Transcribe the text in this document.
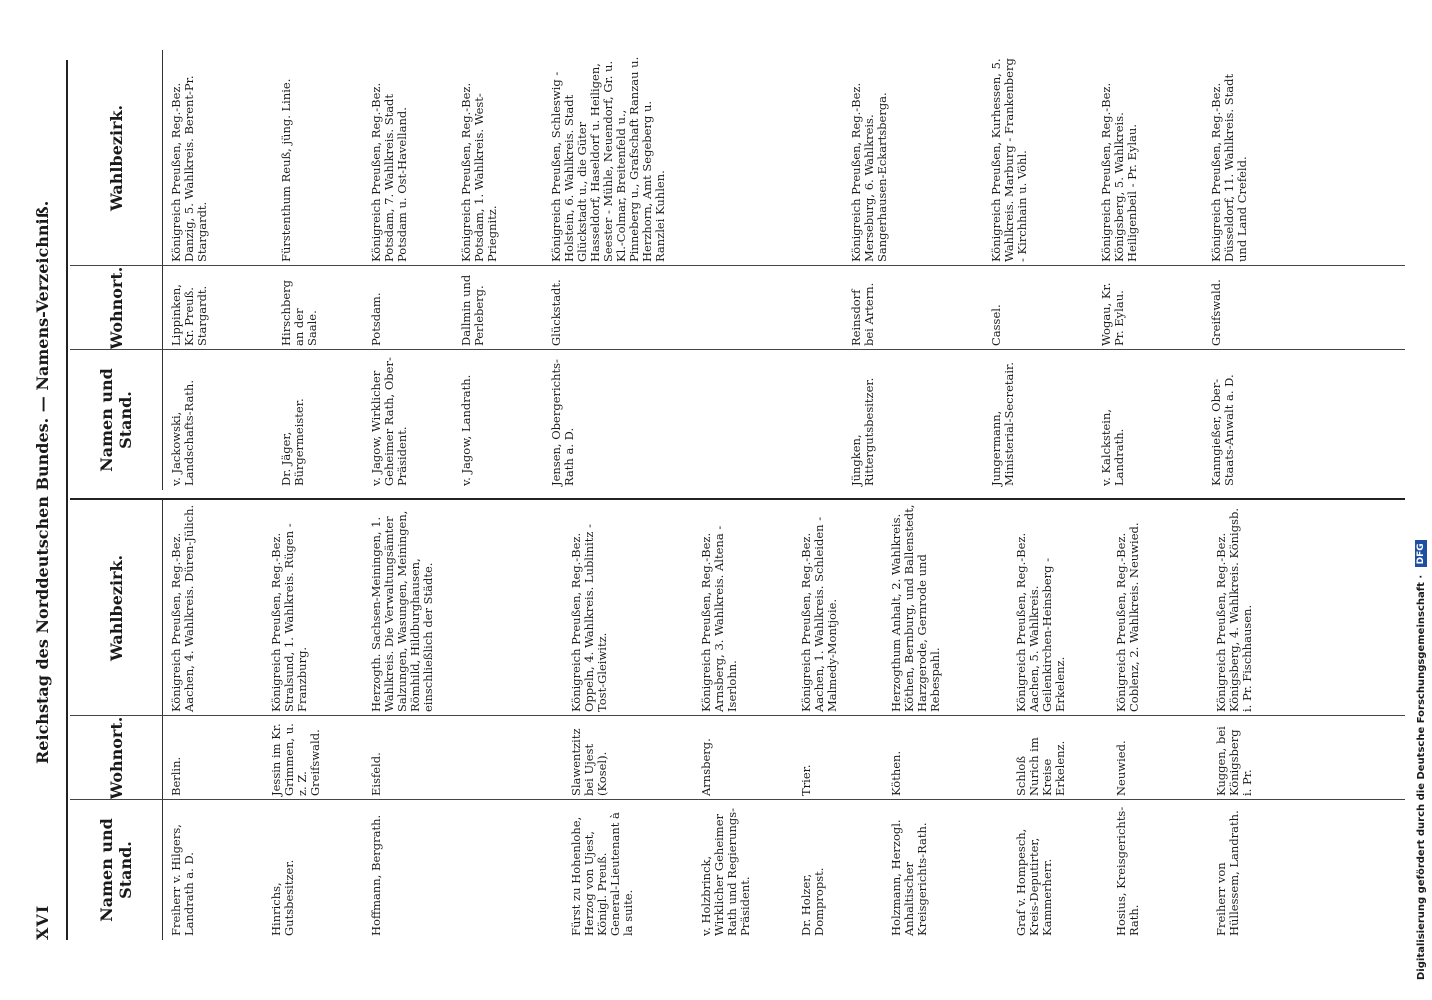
XVI
Reichstag des Norddeutschen Bundes. — Namens-Verzeichniß.
Namen und Stand.
Wohnort.
Wahlbezirk.
Freiherr v. Hilgers, Landrath a. D.
Berlin.
Königreich Preußen, Reg.-Bez. Aachen, 4. Wahlkreis. Düren-Jülich.
Hinrichs, Gutsbesitzer.
Jessin im Kr. Grimmen, u. z. Z. Greifswald.
Königreich Preußen, Reg.-Bez. Stralsund, 1. Wahlkreis. Rügen - Franzburg.
Hoffmann, Bergrath.
Eisfeld.
Herzogth. Sachsen-Meiningen, 1. Wahlkreis. Die Verwaltungsämter Salzungen, Wasungen, Meiningen, Römhild, Hildburghausen, einschließlich der Städte.
Fürst zu Hohenlohe, Herzog von Ujest, Königl. Preuß. General-Lieutenant à la suite.
Slawentzitz bei Ujest (Kosel).
Königreich Preußen, Reg.-Bez. Oppeln, 4. Wahlkreis. Lublinitz - Tost-Gleiwitz.
v. Holzbrinck, Wirklicher Geheimer Rath und Regierungs-Präsident.
Arnsberg.
Königreich Preußen, Reg.-Bez. Arnsberg, 3. Wahlkreis. Altena - Iserlohn.
Dr. Holzer, Dompropst.
Trier.
Königreich Preußen, Reg.-Bez. Aachen, 1. Wahlkreis. Schleiden - Malmedy-Montjoie.
Holzmann, Herzogl. Anhaltischer Kreisgerichts-Rath.
Köthen.
Herzogthum Anhalt, 2. Wahlkreis. Köthen, Bernburg, und Ballenstedt, Harzgerode, Gernrode und Rebespahl.
Graf v. Hompesch, Kreis-Deputirter, Kammerherr.
Schloß Nurich im Kreise Erkelenz.
Königreich Preußen, Reg.-Bez. Aachen, 5. Wahlkreis. Geilenkirchen-Heinsberg - Erkelenz.
Hosius, Kreisgerichts-Rath.
Neuwied.
Königreich Preußen, Reg.-Bez. Coblenz, 2. Wahlkreis. Neuwied.
Freiherr von Hüllessem, Landrath.
Kuggen, bei Königsberg i. Pr.
Königreich Preußen, Reg.-Bez. Königsberg, 4. Wahlkreis. Königsb. i. Pr. Fischhausen.
Namen und Stand.
Wohnort.
Wahlbezirk.
v. Jackowski, Landschafts-Rath.
Lippinken, Kr. Preuß. Stargardt.
Königreich Preußen, Reg.-Bez. Danzig, 5. Wahlkreis. Berent-Pr. Stargardt.
Dr. Jäger, Bürgermeister.
Hirschberg an der Saale.
Fürstenthum Reuß, jüng. Linie.
v. Jagow, Wirklicher Geheimer Rath, Ober-Präsident.
Potsdam.
Königreich Preußen, Reg.-Bez. Potsdam, 7. Wahlkreis. Stadt Potsdam u. Ost-Havelland.
v. Jagow, Landrath.
Dallmin und Perleberg.
Königreich Preußen, Reg.-Bez. Potsdam, 1. Wahlkreis. West-Priegnitz.
Jensen, Obergerichts-Rath a. D.
Glückstadt.
Königreich Preußen, Schleswig - Holstein, 6. Wahlkreis. Stadt Glückstadt u., die Güter Hasseldorf, Haseldorf u. Heiligen, Seester - Mühle, Neuendorf, Gr. u. Kl.-Colmar, Breitenfeld u., Pinneberg u., Grafschaft Ranzau u. Herzhorn, Amt Segeberg u. Ranzlei Kuhlen.
Jüngken, Rittergutsbesitzer.
Reinsdorf bei Artern.
Königreich Preußen, Reg.-Bez. Merseburg, 6. Wahlkreis. Sangerhausen-Eckartsberga.
Jungermann, Ministerial-Secretair.
Cassel.
Königreich Preußen, Kurhessen, 5. Wahlkreis. Marburg - Frankenberg - Kirchhain u. Vöhl.
v. Kalckstein, Landrath.
Wogau, Kr. Pr. Eylau.
Königreich Preußen, Reg.-Bez. Königsberg, 5. Wahlkreis. Heiligenbeil - Pr. Eylau.
Kanngießer, Ober-Staats-Anwalt a. D.
Greifswald.
Königreich Preußen, Reg.-Bez. Düsseldorf, 11. Wahlkreis. Stadt und Land Crefeld.
Digitalisierung gefördert durch die Deutsche Forschungsgemeinschaft · DFG
